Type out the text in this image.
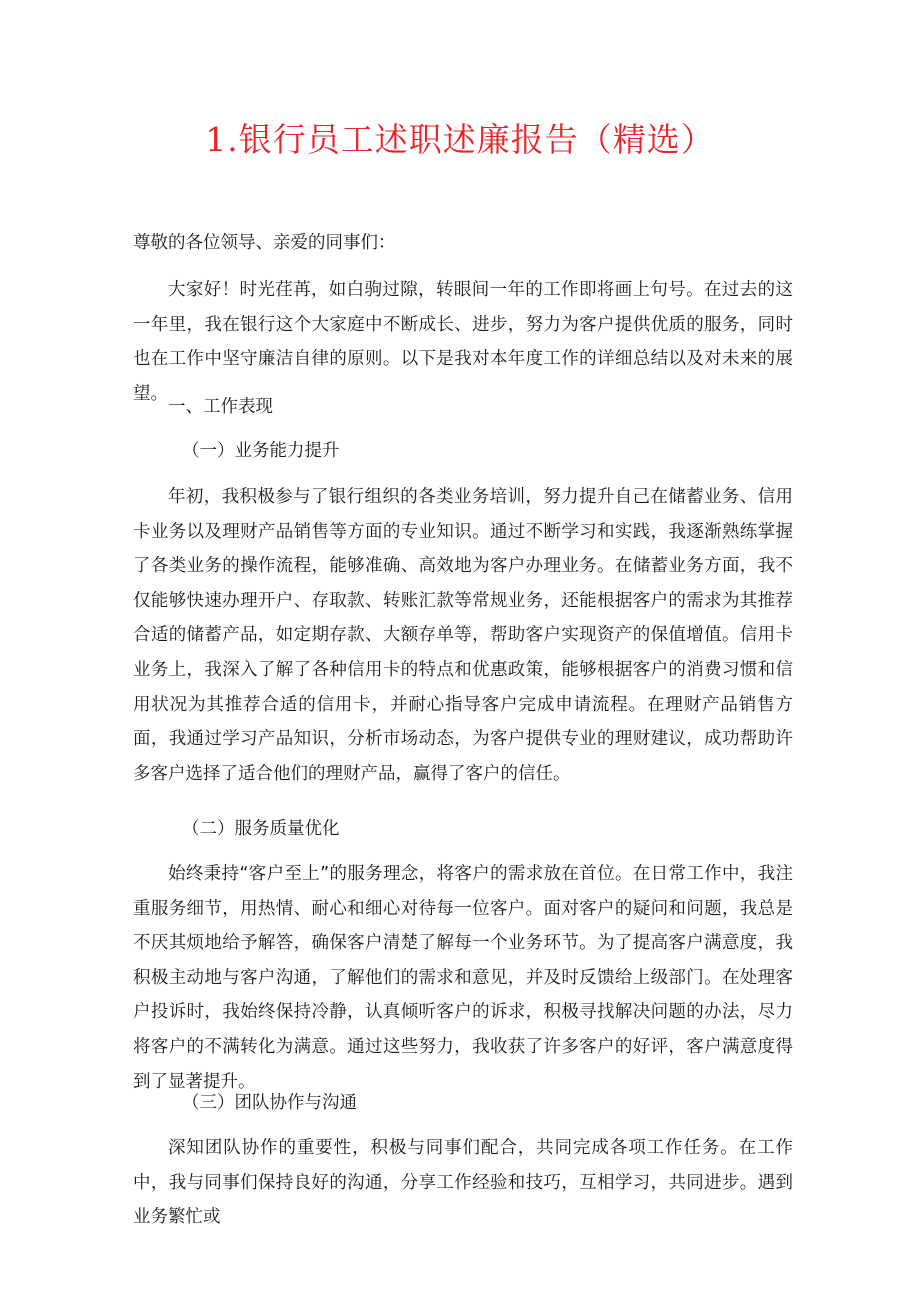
1.银行员工述职述廉报告（精选）
尊敬的各位领导、亲爱的同事们：

大家好！时光荏苒，如白驹过隙，转眼间一年的工作即将画上句号。在过去的这一年里，我在银行这个大家庭中不断成长、进步，努力为客户提供优质的服务，同时也在工作中坚守廉洁自律的原则。以下是我对本年度工作的详细总结以及对未来的展望。

一、工作表现
（一）业务能力提升

年初，我积极参与了银行组织的各类业务培训，努力提升自己在储蓄业务、信用卡业务以及理财产品销售等方面的专业知识。通过不断学习和实践，我逐渐熟练掌握了各类业务的操作流程，能够准确、高效地为客户办理业务。在储蓄业务方面，我不仅能够快速办理开户、存取款、转账汇款等常规业务，还能根据客户的需求为其推荐合适的储蓄产品，如定期存款、大额存单等，帮助客户实现资产的保值增值。信用卡业务上，我深入了解了各种信用卡的特点和优惠政策，能够根据客户的消费习惯和信用状况为其推荐合适的信用卡，并耐心指导客户完成申请流程。在理财产品销售方面，我通过学习产品知识，分析市场动态，为客户提供专业的理财建议，成功帮助许多客户选择了适合他们的理财产品，赢得了客户的信任。

（二）服务质量优化

始终秉持“客户至上”的服务理念，将客户的需求放在首位。在日常工作中，我注重服务细节，用热情、耐心和细心对待每一位客户。面对客户的疑问和问题，我总是不厌其烦地给予解答，确保客户清楚了解每一个业务环节。为了提高客户满意度，我积极主动地与客户沟通，了解他们的需求和意见，并及时反馈给上级部门。在处理客户投诉时，我始终保持冷静，认真倾听客户的诉求，积极寻找解决问题的办法，尽力将客户的不满转化为满意。通过这些努力，我收获了许多客户的好评，客户满意度得到了显著提升。

（三）团队协作与沟通

深知团队协作的重要性，积极与同事们配合，共同完成各项工作任务。在工作中，我与同事们保持良好的沟通，分享工作经验和技巧，互相学习，共同进步。遇到业务繁忙或
